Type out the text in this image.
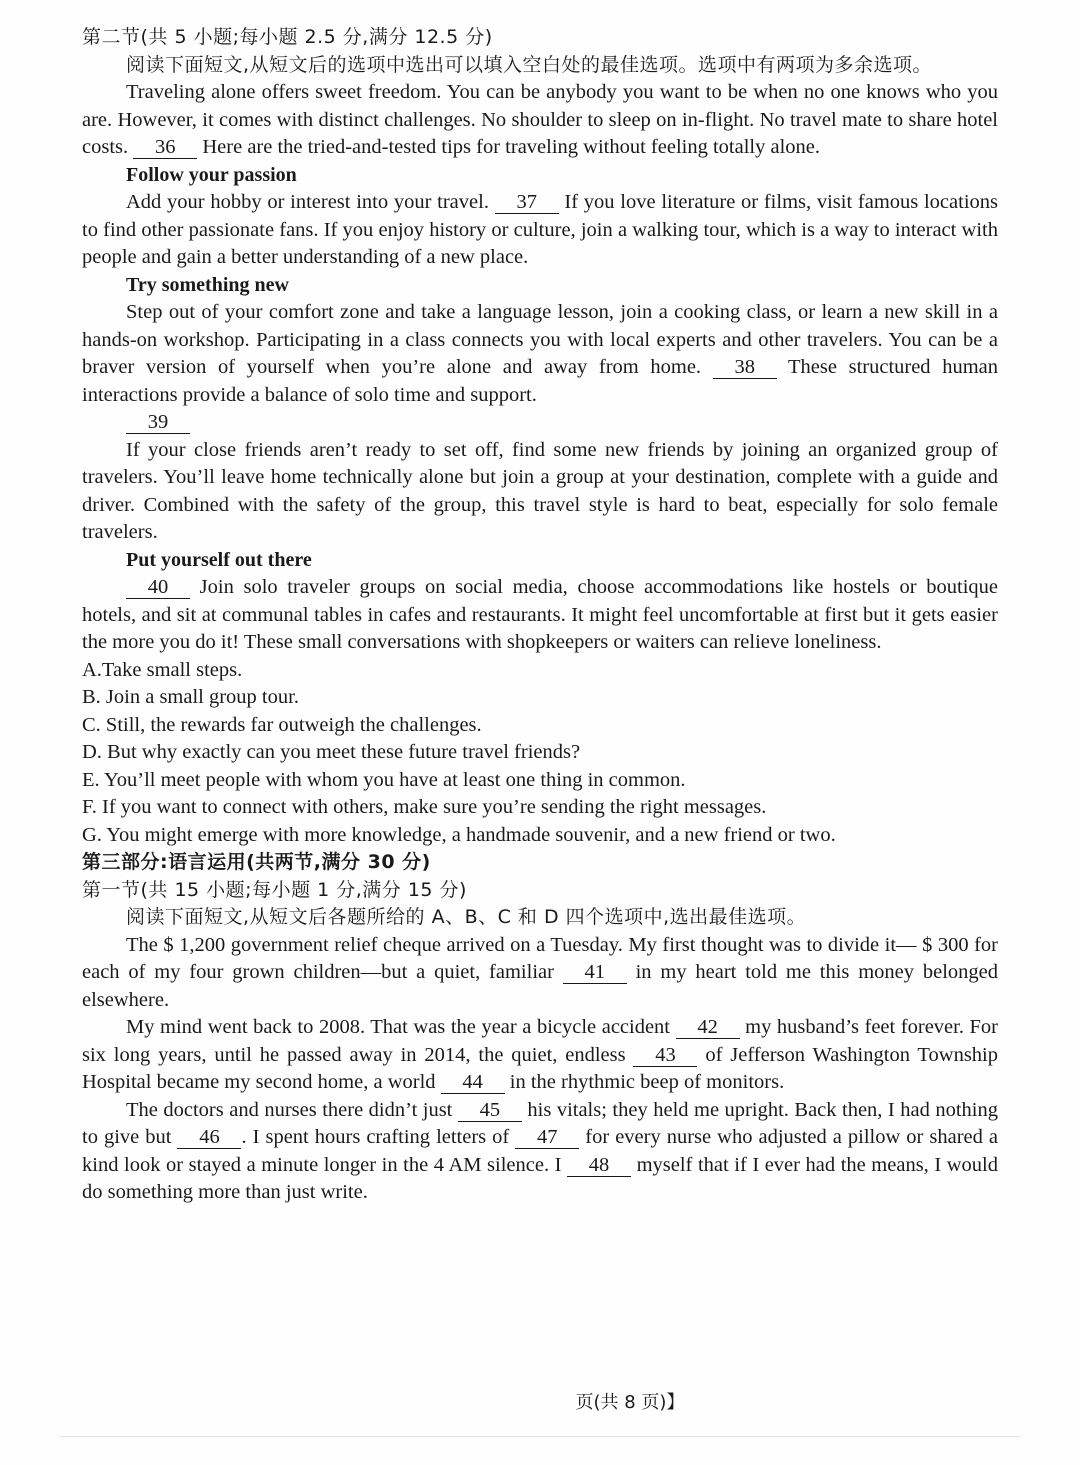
第二节(共 5 小题;每小题 2.5 分,满分 12.5 分)
阅读下面短文,从短文后的选项中选出可以填入空白处的最佳选项。选项中有两项为多余选项。

Traveling alone offers sweet freedom. You can be anybody you want to be when no one knows who you are. However, it comes with distinct challenges. No shoulder to sleep on in-flight. No travel mate to share hotel costs. 36 Here are the tried-and-tested tips for traveling without feeling totally alone.

Follow your passion

Add your hobby or interest into your travel. 37 If you love literature or films, visit famous locations to find other passionate fans. If you enjoy history or culture, join a walking tour, which is a way to interact with people and gain a better understanding of a new place.

Try something new

Step out of your comfort zone and take a language lesson, join a cooking class, or learn a new skill in a hands-on workshop. Participating in a class connects you with local experts and other travelers. You can be a braver version of yourself when you’re alone and away from home. 38 These structured human interactions provide a balance of solo time and support.

39

If your close friends aren’t ready to set off, find some new friends by joining an organized group of travelers. You’ll leave home technically alone but join a group at your destination, complete with a guide and driver. Combined with the safety of the group, this travel style is hard to beat, especially for solo female travelers.

Put yourself out there

40 Join solo traveler groups on social media, choose accommodations like hostels or boutique hotels, and sit at communal tables in cafes and restaurants. It might feel uncomfortable at first but it gets easier the more you do it! These small conversations with shopkeepers or waiters can relieve loneliness.

A.Take small steps.
B. Join a small group tour.
C. Still, the rewards far outweigh the challenges.
D. But why exactly can you meet these future travel friends?
E. You’ll meet people with whom you have at least one thing in common.
F. If you want to connect with others, make sure you’re sending the right messages.
G. You might emerge with more knowledge, a handmade souvenir, and a new friend or two.
第三部分:语言运用(共两节,满分 30 分)
第一节(共 15 小题;每小题 1 分,满分 15 分)
阅读下面短文,从短文后各题所给的 A、B、C 和 D 四个选项中,选出最佳选项。

The $ 1,200 government relief cheque arrived on a Tuesday. My first thought was to divide it— $ 300 for each of my four grown children—but a quiet, familiar 41 in my heart told me this money belonged elsewhere.

My mind went back to 2008. That was the year a bicycle accident 42 my husband’s feet forever. For six long years, until he passed away in 2014, the quiet, endless 43 of Jefferson Washington Township Hospital became my second home, a world 44 in the rhythmic beep of monitors.

The doctors and nurses there didn’t just 45 his vitals; they held me upright. Back then, I had nothing to give but 46 . I spent hours crafting letters of 47 for every nurse who adjusted a pillow or shared a kind look or stayed a minute longer in the 4 AM silence. I 48 myself that if I ever had the means, I would do something more than just write.

页(共 8 页)】
